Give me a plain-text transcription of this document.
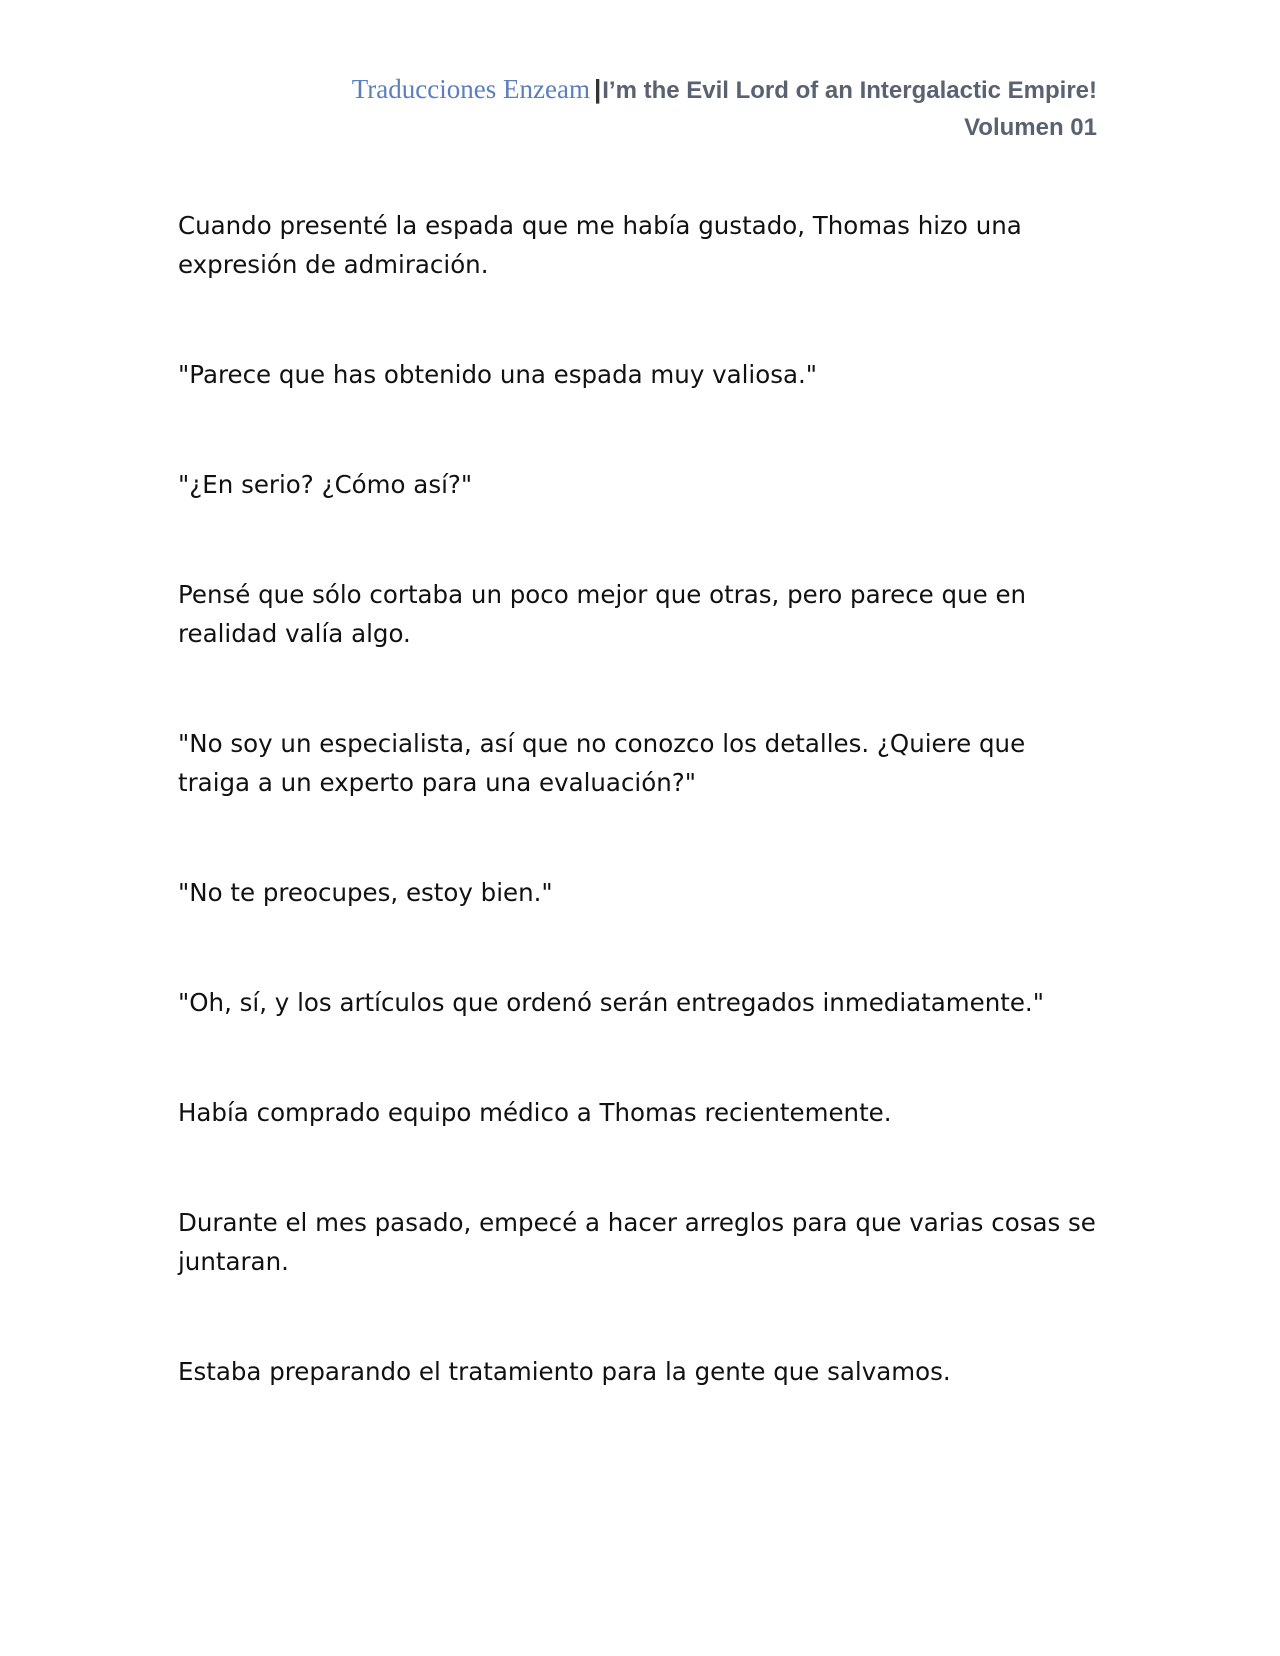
Traducciones Enzeam |I’m the Evil Lord of an Intergalactic Empire!
Volumen 01

Cuando presenté la espada que me había gustado, Thomas hizo una expresión de admiración.

"Parece que has obtenido una espada muy valiosa."

"¿En serio? ¿Cómo así?"

Pensé que sólo cortaba un poco mejor que otras, pero parece que en realidad valía algo.

"No soy un especialista, así que no conozco los detalles. ¿Quiere que traiga a un experto para una evaluación?"

"No te preocupes, estoy bien."

"Oh, sí, y los artículos que ordenó serán entregados inmediatamente."

Había comprado equipo médico a Thomas recientemente.

Durante el mes pasado, empecé a hacer arreglos para que varias cosas se juntaran.

Estaba preparando el tratamiento para la gente que salvamos.
